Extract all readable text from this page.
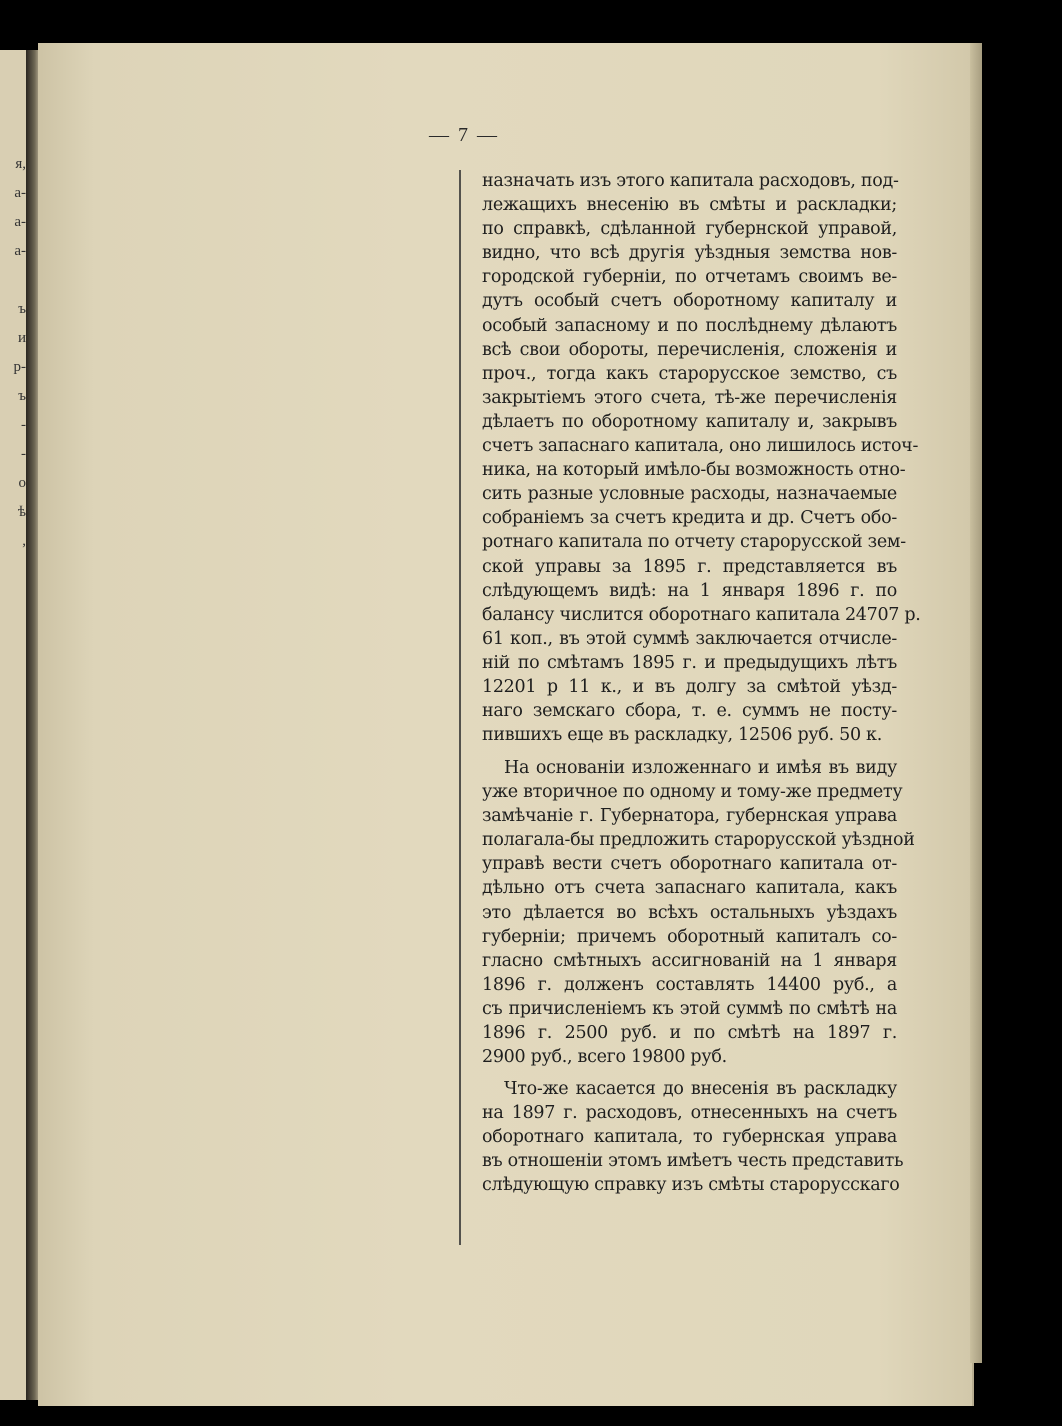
я,
а-
а-
а-
ъ
и
р-
ъ
-
-
о
ѣ
,
— 7 —
назначать изъ этого капитала расходовъ, под-
лежащихъ внесенію въ смѣты и раскладки;
по справкѣ, сдѣланной губернской управой,
видно, что всѣ другія уѣздныя земства нов-
городской губерніи, по отчетамъ своимъ ве-
дутъ особый счетъ оборотному капиталу и
особый запасному и по послѣднему дѣлаютъ
всѣ свои обороты, перечисленія, сложенія и
проч., тогда какъ старорусское земство, съ
закрытіемъ этого счета, тѣ-же перечисленія
дѣлаетъ по оборотному капиталу и, закрывъ
счетъ запаснаго капитала, оно лишилось источ-
ника, на который имѣло-бы возможность отно-
сить разные условные расходы, назначаемые
собраніемъ за счетъ кредита и др. Счетъ обо-
ротнаго капитала по отчету старорусской зем-
ской управы за 1895 г. представляется въ
слѣдующемъ видѣ: на 1 января 1896 г. по
балансу числится оборотнаго капитала 24707 р.
61 коп., въ этой суммѣ заключается отчислe-
ній по смѣтамъ 1895 г. и предыдущихъ лѣтъ
12201 р 11 к., и въ долгу за смѣтой уѣзд-
наго земскаго сбора, т. е. суммъ не посту-
пившихъ еще въ раскладку, 12506 руб. 50 к.
На основаніи изложеннаго и имѣя въ виду
уже вторичное по одному и тому-же предмету
замѣчаніе г. Губернатора, губернская управа
полагала-бы предложить старорусской уѣздной
управѣ вести счетъ оборотнаго капитала от-
дѣльно отъ счета запаснаго капитала, какъ
это дѣлается во всѣхъ остальныхъ уѣздахъ
губерніи; причемъ оборотный капиталъ со-
гласно смѣтныхъ ассигнованій на 1 января
1896 г. долженъ составлять 14400 руб., а
съ причисленіемъ къ этой суммѣ по смѣтѣ на
1896 г. 2500 руб. и по смѣтѣ на 1897 г.
2900 руб., всего 19800 руб.
Что-же касается до внесенія въ раскладку
на 1897 г. расходовъ, отнесенныхъ на счетъ
оборотнаго капитала, то губернская управа
въ отношеніи этомъ имѣетъ честь представить
слѣдующую справку изъ смѣты старорусскаго
